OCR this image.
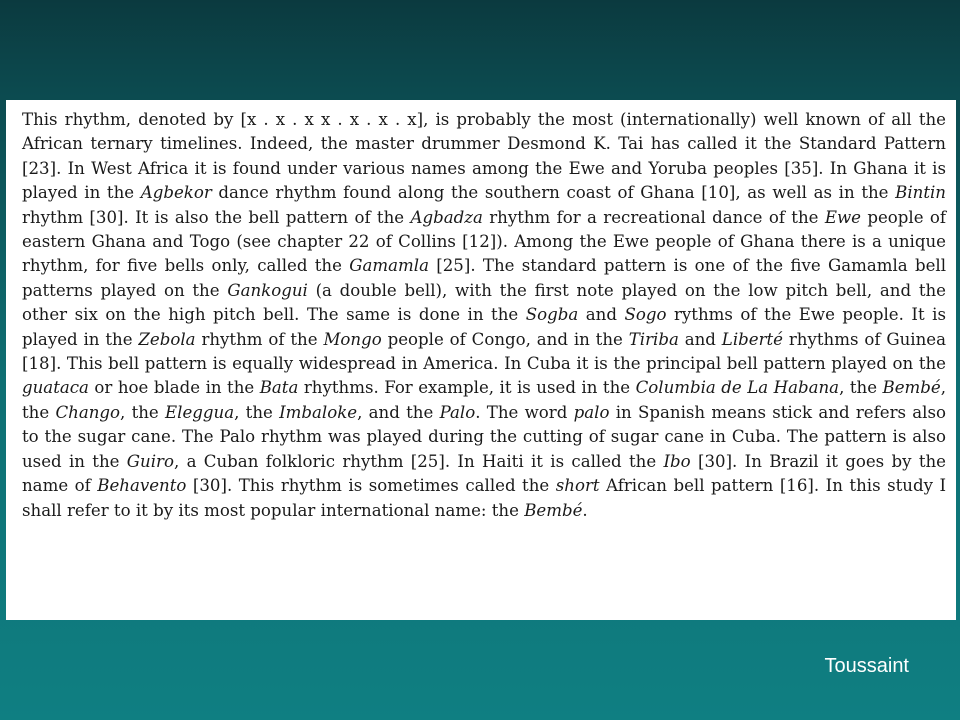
This rhythm, denoted by [x . x . x x . x . x . x], is probably the most (internationally) well known of all the African ternary timelines. Indeed, the master drummer Desmond K. Tai has called it the Standard Pattern [23]. In West Africa it is found under various names among the Ewe and Yoruba peoples [35]. In Ghana it is played in the Agbekor dance rhythm found along the southern coast of Ghana [10], as well as in the Bintin rhythm [30]. It is also the bell pattern of the Agbadza rhythm for a recreational dance of the Ewe people of eastern Ghana and Togo (see chapter 22 of Collins [12]). Among the Ewe people of Ghana there is a unique rhythm, for five bells only, called the Gamamla [25]. The standard pattern is one of the five Gamamla bell patterns played on the Gankogui (a double bell), with the first note played on the low pitch bell, and the other six on the high pitch bell. The same is done in the Sogba and Sogo rythms of the Ewe people. It is played in the Zebola rhythm of the Mongo people of Congo, and in the Tiriba and Liberté rhythms of Guinea [18]. This bell pattern is equally widespread in America. In Cuba it is the principal bell pattern played on the guataca or hoe blade in the Bata rhythms. For example, it is used in the Columbia de La Habana, the Bembé, the Chango, the Eleggua, the Imbaloke, and the Palo. The word palo in Spanish means stick and refers also to the sugar cane. The Palo rhythm was played during the cutting of sugar cane in Cuba. The pattern is also used in the Guiro, a Cuban folkloric rhythm [25]. In Haiti it is called the Ibo [30]. In Brazil it goes by the name of Behavento [30]. This rhythm is sometimes called the short African bell pattern [16]. In this study I shall refer to it by its most popular international name: the Bembé.

Toussaint
